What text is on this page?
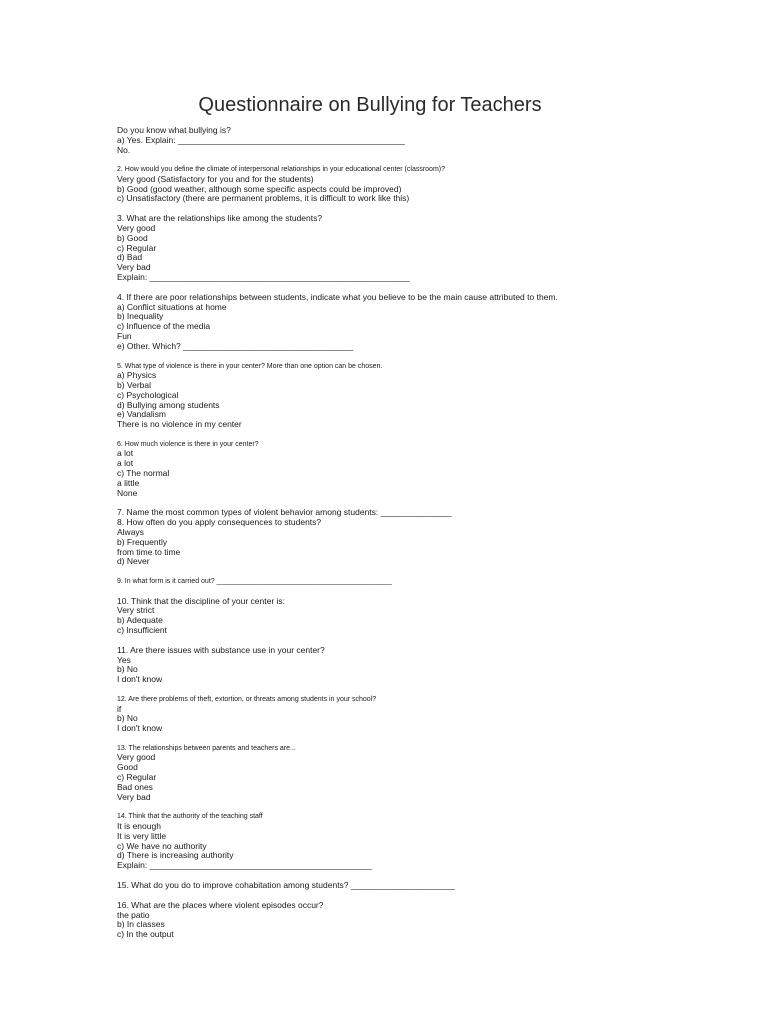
Questionnaire on Bullying for Teachers
Do you know what bullying is?
a) Yes. Explain: ________________________________________________
No.
2. How would you define the climate of interpersonal relationships in your educational center (classroom)?
Very good (Satisfactory for you and for the students)
b) Good (good weather, although some specific aspects could be improved)
c) Unsatisfactory (there are permanent problems, it is difficult to work like this)
3. What are the relationships like among the students?
Very good
b) Good
c) Regular
d) Bad
Very bad
Explain: _______________________________________________________
4. If there are poor relationships between students, indicate what you believe to be the main cause attributed to them.
a) Conflict situations at home
b) Inequality
c) Influence of the media
Fun
e) Other. Which? ____________________________________
5. What type of violence is there in your center? More than one option can be chosen.
a) Physics
b) Verbal
c) Psychological
d) Bullying among students
e) Vandalism
There is no violence in my center
6. How much violence is there in your center?
a lot
a lot
c) The normal
a little
None
7. Name the most common types of violent behavior among students: _______________
8. How often do you apply consequences to students?
Always
b) Frequently
from time to time
d) Never
9. In what form is it carried out? _____________________________________________
10. Think that the discipline of your center is:
Very strict
b) Adequate
c) Insufficient
11. Are there issues with substance use in your center?
Yes
b) No
I don't know
12. Are there problems of theft, extortion, or threats among students in your school?
if
b) No
I don't know
13. The relationships between parents and teachers are...
Very good
Good
c) Regular
Bad ones
Very bad
14. Think that the authority of the teaching staff
It is enough
It is very little
c) We have no authority
d) There is increasing authority
Explain: _______________________________________________
15. What do you do to improve cohabitation among students? ______________________
16. What are the places where violent episodes occur?
the patio
b) In classes
c) In the output
